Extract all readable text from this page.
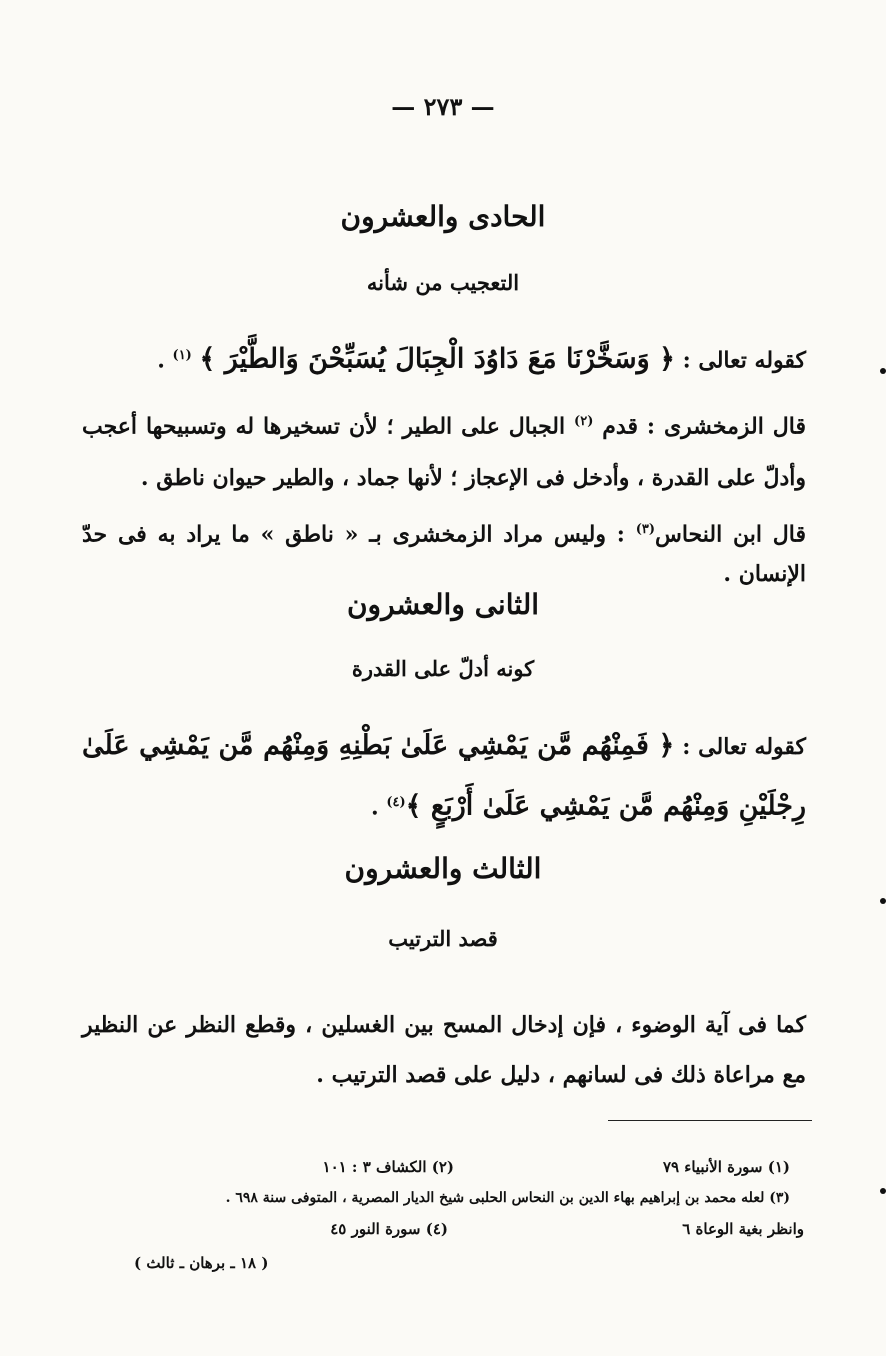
— ٢٧٣ —
الحادى والعشرون
التعجيب من شأنه
كقوله تعالى : ﴿ وَسَخَّرْنَا مَعَ دَاوُدَ الْجِبَالَ يُسَبِّحْنَ وَالطَّيْرَ ﴾ $^{(١)}$ .
قال الزمخشرى : قدم $^{(٢)}$ الجبال على الطير ؛ لأن تسخيرها له وتسبيحها أعجب وأدلّ على القدرة ، وأدخل فى الإعجاز ؛ لأنها جماد ، والطير حيوان ناطق .
قال ابن النحاس$^{(٣)}$ : وليس مراد الزمخشرى بـ « ناطق » ما يراد به فى حدّ الإنسان .
الثانى والعشرون
كونه أدلّ على القدرة
كقوله تعالى : ﴿ فَمِنْهُم مَّن يَمْشِي عَلَىٰ بَطْنِهِ وَمِنْهُم مَّن يَمْشِي عَلَىٰ رِجْلَيْنِ وَمِنْهُم مَّن يَمْشِي عَلَىٰ أَرْبَعٍ ﴾$^{(٤)}$ .
الثالث والعشرون
قصد الترتيب
كما فى آية الوضوء ، فإن إدخال المسح بين الغسلين ، وقطع النظر عن النظير مع مراعاة ذلك فى لسانهم ، دليل على قصد الترتيب .
(١) سورة الأنبياء ٧٩
(٢) الكشاف ٣ : ١٠١
(٣) لعله محمد بن إبراهيم بهاء الدين بن النحاس الحلبى شيخ الديار المصرية ، المتوفى سنة ٦٩٨ .
وانظر بغية الوعاة ٦
(٤) سورة النور ٤٥
( ١٨ ـ برهان ـ ثالث )
